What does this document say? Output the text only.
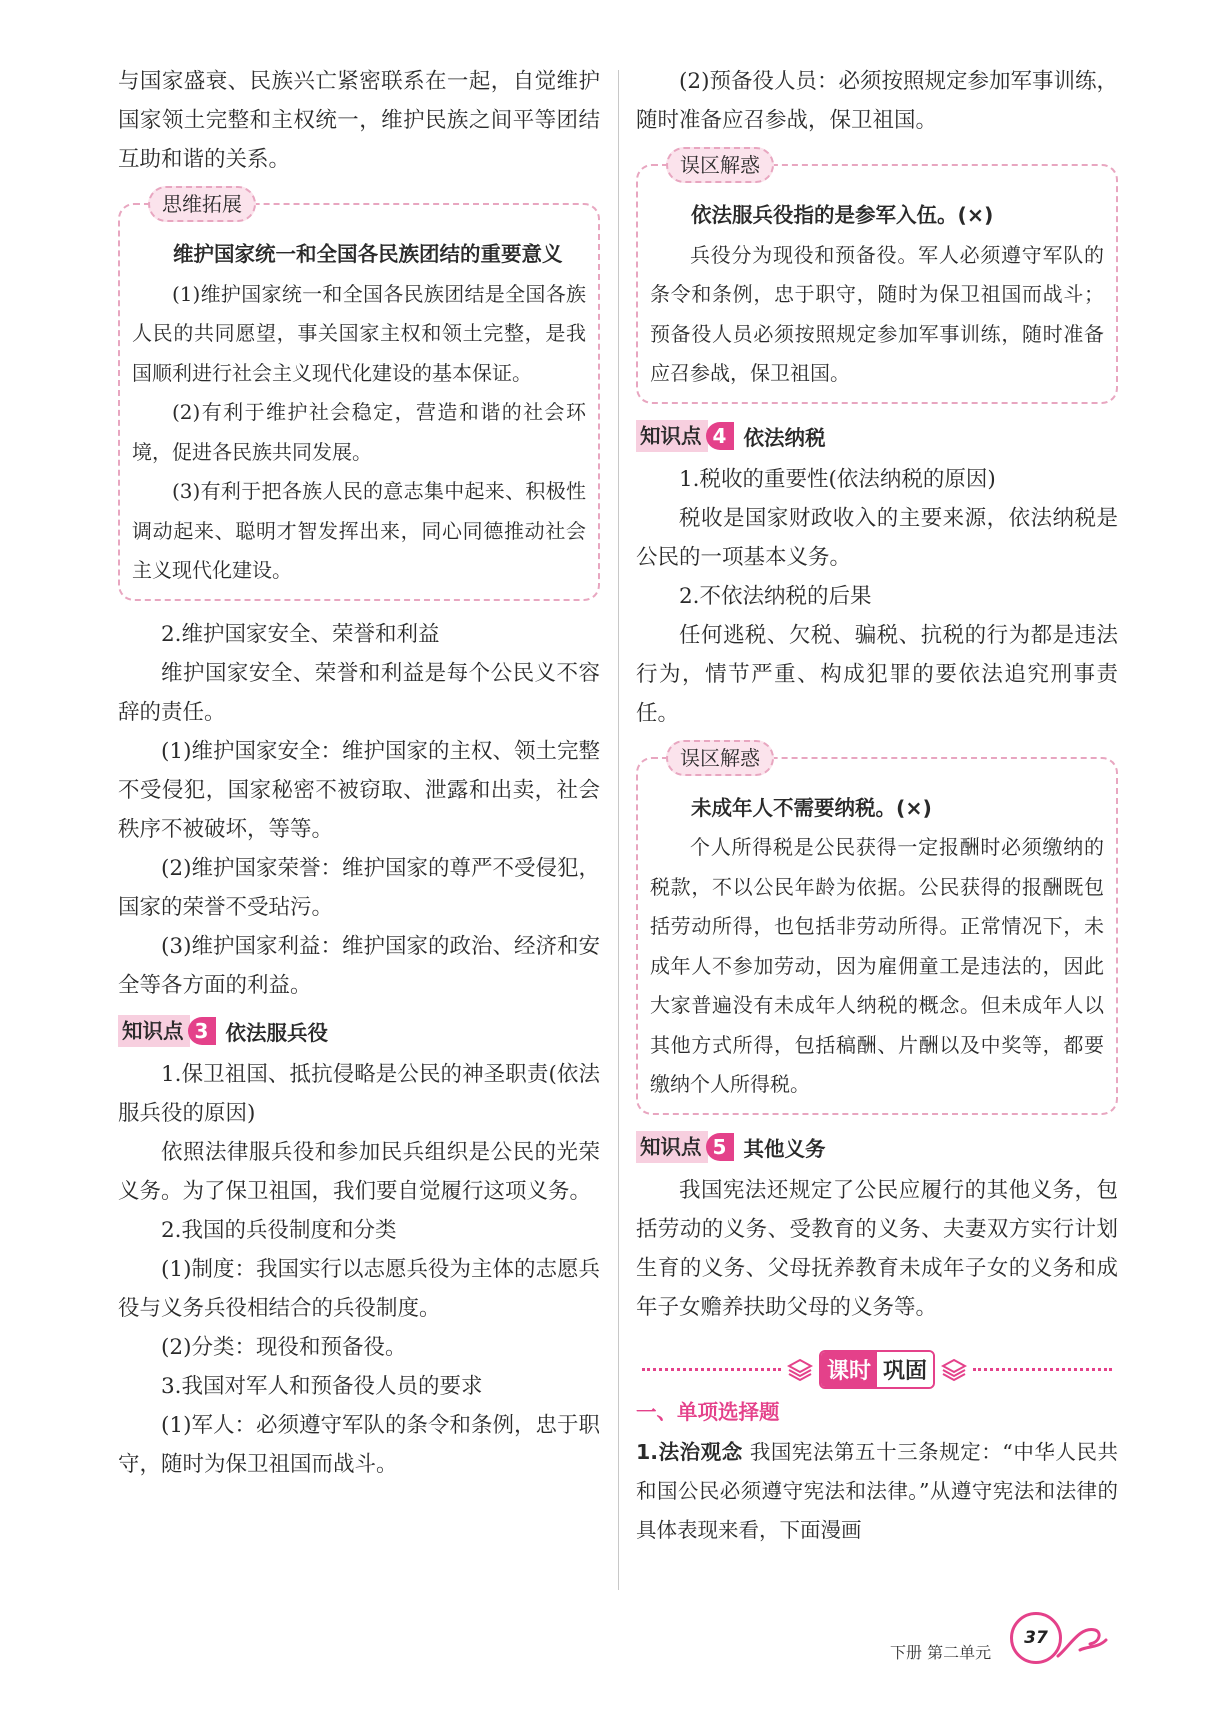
与国家盛衰、民族兴亡紧密联系在一起，自觉维护国家领土完整和主权统一，维护民族之间平等团结互助和谐的关系。

思维拓展

维护国家统一和全国各民族团结的重要意义

(1)维护国家统一和全国各民族团结是全国各族人民的共同愿望，事关国家主权和领土完整，是我国顺利进行社会主义现代化建设的基本保证。

(2)有利于维护社会稳定，营造和谐的社会环境，促进各民族共同发展。

(3)有利于把各族人民的意志集中起来、积极性调动起来、聪明才智发挥出来，同心同德推动社会主义现代化建设。

2.维护国家安全、荣誉和利益

维护国家安全、荣誉和利益是每个公民义不容辞的责任。

(1)维护国家安全：维护国家的主权、领土完整不受侵犯，国家秘密不被窃取、泄露和出卖，社会秩序不被破坏，等等。

(2)维护国家荣誉：维护国家的尊严不受侵犯，国家的荣誉不受玷污。

(3)维护国家利益：维护国家的政治、经济和安全等各方面的利益。

知识点 3 依法服兵役

1.保卫祖国、抵抗侵略是公民的神圣职责(依法服兵役的原因)

依照法律服兵役和参加民兵组织是公民的光荣义务。为了保卫祖国，我们要自觉履行这项义务。

2.我国的兵役制度和分类

(1)制度：我国实行以志愿兵役为主体的志愿兵役与义务兵役相结合的兵役制度。

(2)分类：现役和预备役。

3.我国对军人和预备役人员的要求

(1)军人：必须遵守军队的条令和条例，忠于职守，随时为保卫祖国而战斗。

(2)预备役人员：必须按照规定参加军事训练，随时准备应召参战，保卫祖国。

误区解惑

依法服兵役指的是参军入伍。(×)

兵役分为现役和预备役。军人必须遵守军队的条令和条例，忠于职守，随时为保卫祖国而战斗；预备役人员必须按照规定参加军事训练，随时准备应召参战，保卫祖国。

知识点 4 依法纳税

1.税收的重要性(依法纳税的原因)

税收是国家财政收入的主要来源，依法纳税是公民的一项基本义务。

2.不依法纳税的后果

任何逃税、欠税、骗税、抗税的行为都是违法行为，情节严重、构成犯罪的要依法追究刑事责任。

误区解惑

未成年人不需要纳税。(×)

个人所得税是公民获得一定报酬时必须缴纳的税款，不以公民年龄为依据。公民获得的报酬既包括劳动所得，也包括非劳动所得。正常情况下，未成年人不参加劳动，因为雇佣童工是违法的，因此大家普遍没有未成年人纳税的概念。但未成年人以其他方式所得，包括稿酬、片酬以及中奖等，都要缴纳个人所得税。

知识点 5 其他义务

我国宪法还规定了公民应履行的其他义务，包括劳动的义务、受教育的义务、夫妻双方实行计划生育的义务、父母抚养教育未成年子女的义务和成年子女赡养扶助父母的义务等。

课时 巩固
一、单项选择题

1.法治观念 我国宪法第五十三条规定：“中华人民共和国公民必须遵守宪法和法律。”从遵守宪法和法律的具体表现来看，下面漫画

下册 第二单元
37
